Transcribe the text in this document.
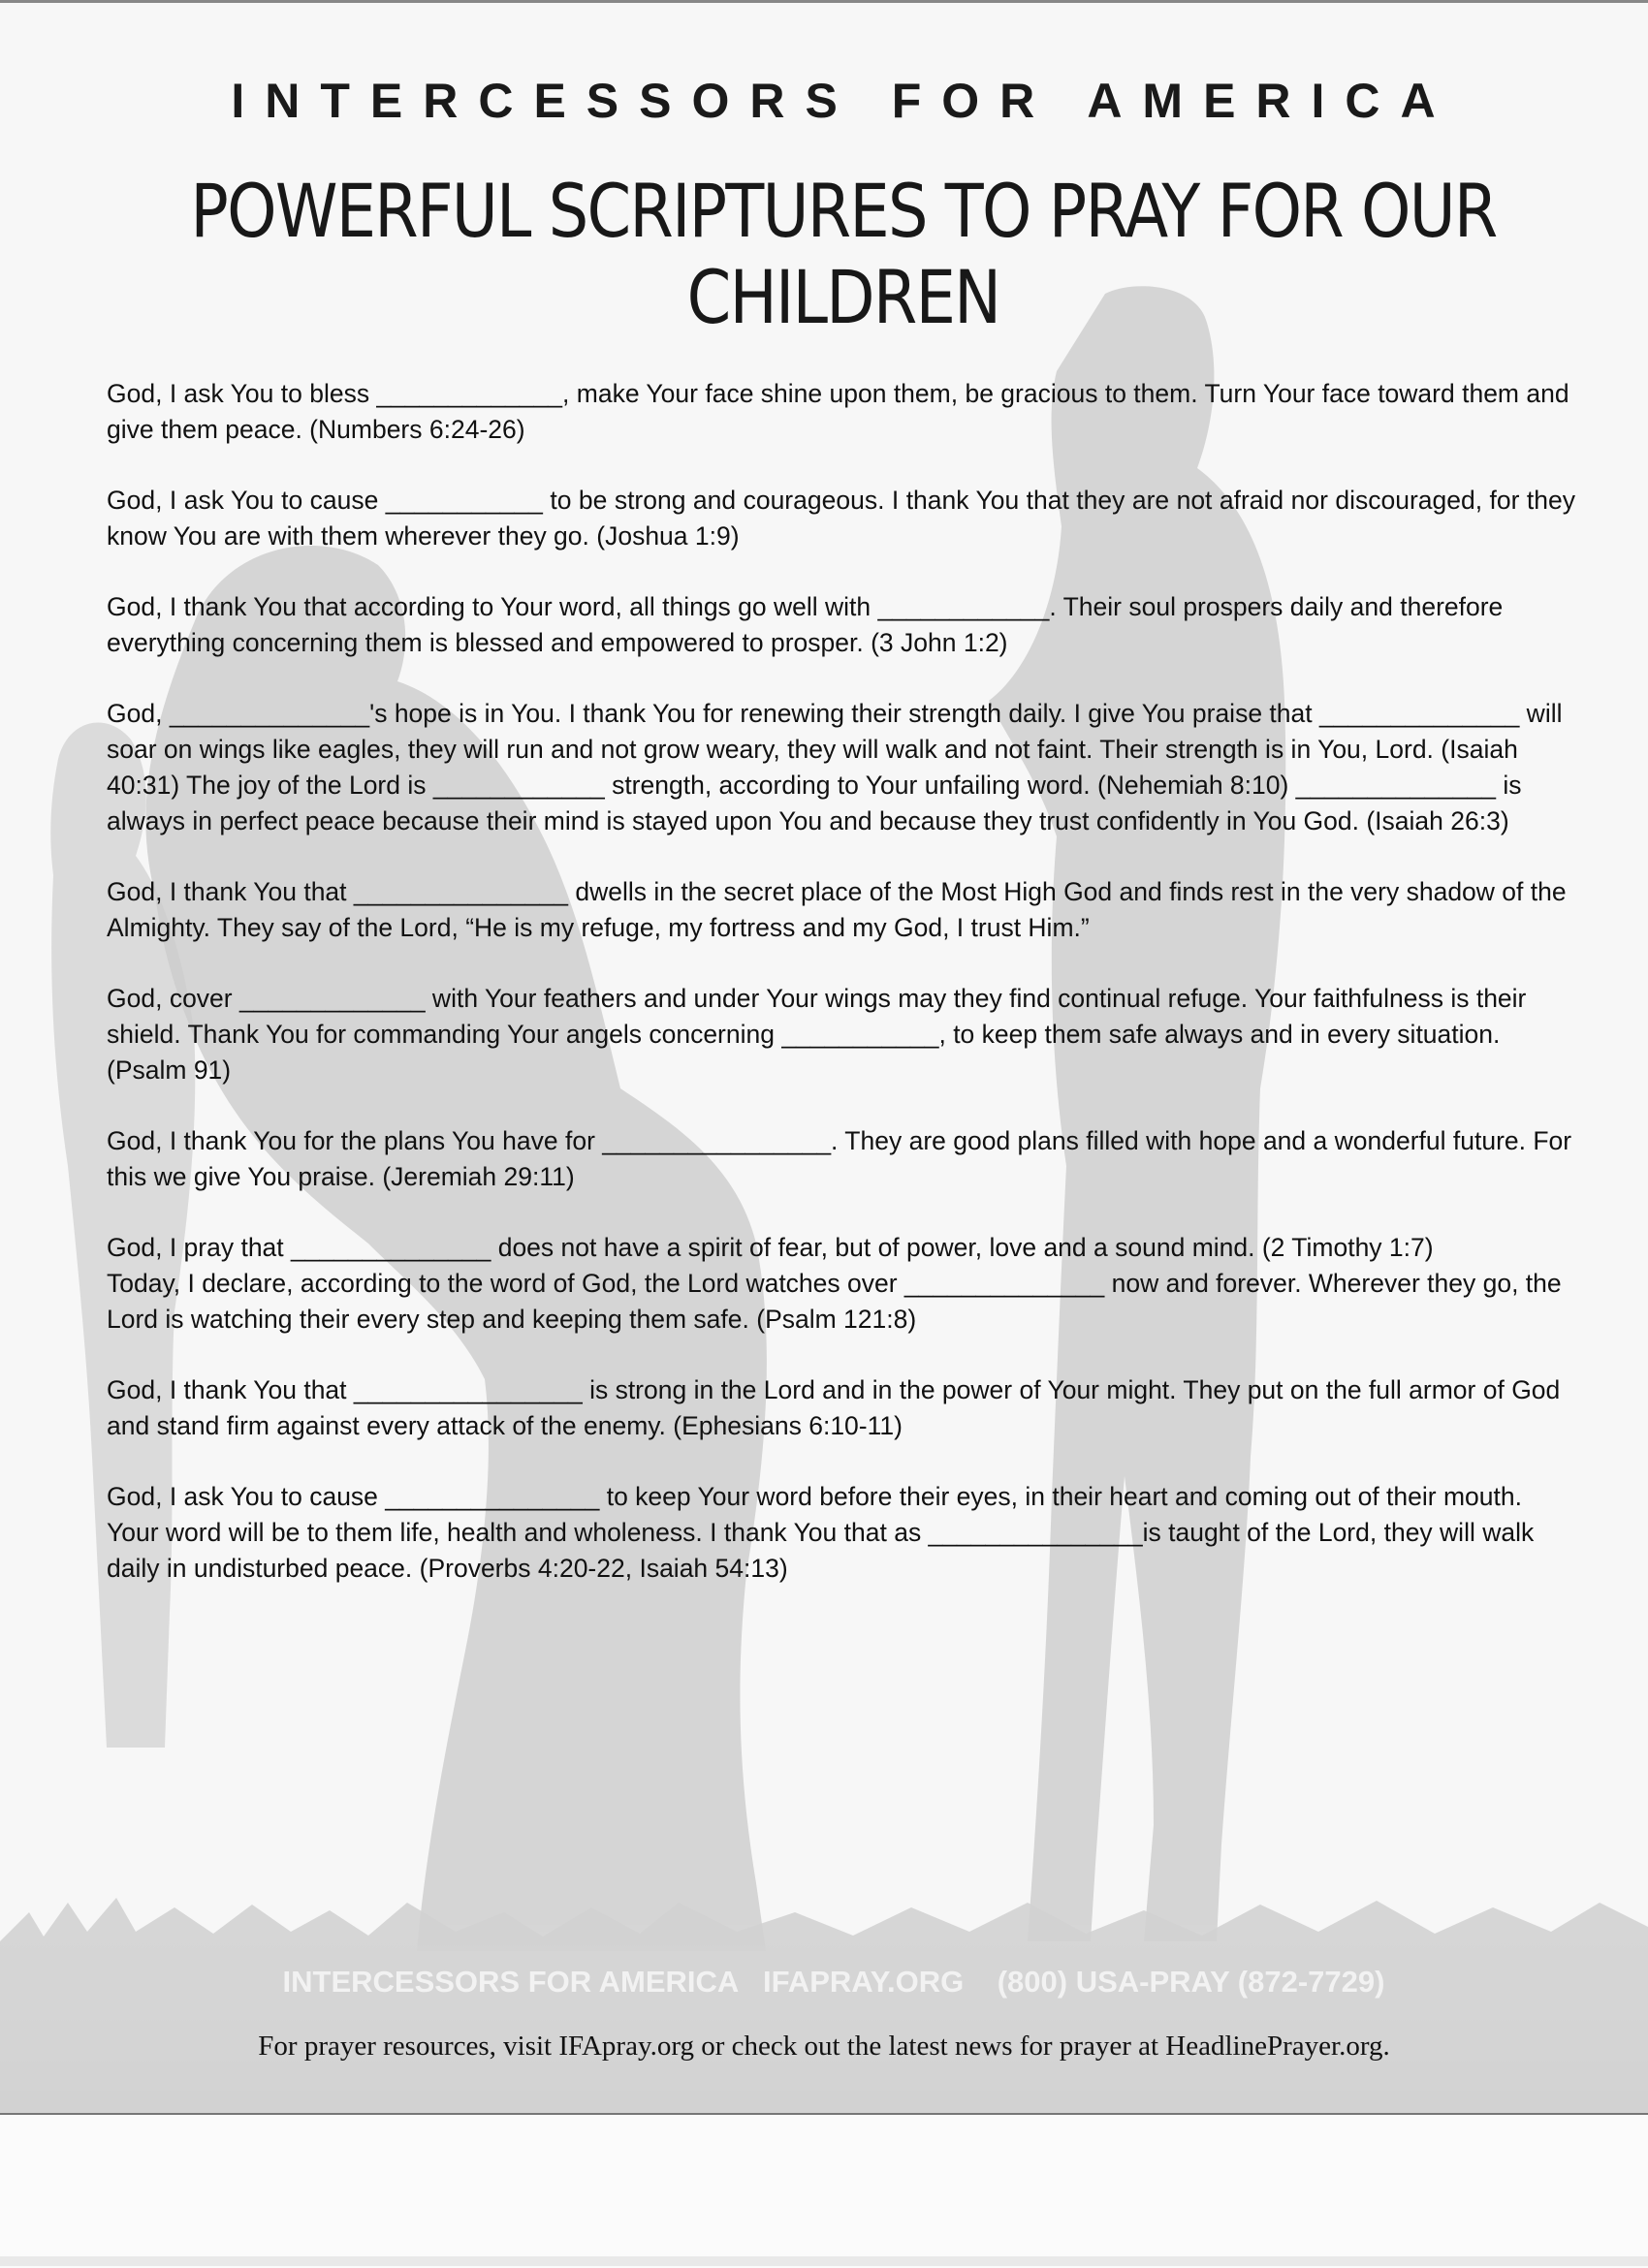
INTERCESSORS FOR AMERICA
POWERFUL SCRIPTURES TO PRAY FOR OUR CHILDREN

God, I ask You to bless _____________, make Your face shine upon them, be gracious to them. Turn Your face toward them and give them peace. (Numbers 6:24-26)

God, I ask You to cause ___________ to be strong and courageous. I thank You that they are not afraid nor discouraged, for they know You are with them wherever they go. (Joshua 1:9)

God, I thank You that according to Your word, all things go well with ____________. Their soul prospers daily and therefore everything concerning them is blessed and empowered to prosper. (3 John 1:2)

God, ______________'s hope is in You. I thank You for renewing their strength daily. I give You praise that ______________ will soar on wings like eagles, they will run and not grow weary, they will walk and not faint. Their strength is in You, Lord. (Isaiah 40:31) The joy of the Lord is ____________ strength, according to Your unfailing word. (Nehemiah 8:10) ______________ is always in perfect peace because their mind is stayed upon You and because they trust confidently in You God. (Isaiah 26:3)

God, I thank You that _______________ dwells in the secret place of the Most High God and finds rest in the very shadow of the Almighty. They say of the Lord, “He is my refuge, my fortress and my God, I trust Him.”

God, cover _____________ with Your feathers and under Your wings may they find continual refuge. Your faithfulness is their shield. Thank You for commanding Your angels concerning ___________, to keep them safe always and in every situation. (Psalm 91)

God, I thank You for the plans You have for ________________. They are good plans filled with hope and a wonderful future. For this we give You praise. (Jeremiah 29:11)

God, I pray that ______________ does not have a spirit of fear, but of power, love and a sound mind. (2 Timothy 1:7)

Today, I declare, according to the word of God, the Lord watches over ______________ now and forever. Wherever they go, the Lord is watching their every step and keeping them safe. (Psalm 121:8)

God, I thank You that ________________ is strong in the Lord and in the power of Your might. They put on the full armor of God and stand firm against every attack of the enemy. (Ephesians 6:10-11)

God, I ask You to cause _______________ to keep Your word before their eyes, in their heart and coming out of their mouth. Your word will be to them life, health and wholeness. I thank You that as _______________is taught of the Lord, they will walk daily in undisturbed peace. (Proverbs 4:20-22, Isaiah 54:13)

INTERCESSORS FOR AMERICA   IFAPRAY.ORG    (800) USA-PRAY (872-7729)
For prayer resources, visit IFApray.org or check out the latest news for prayer at HeadlinePrayer.org.
